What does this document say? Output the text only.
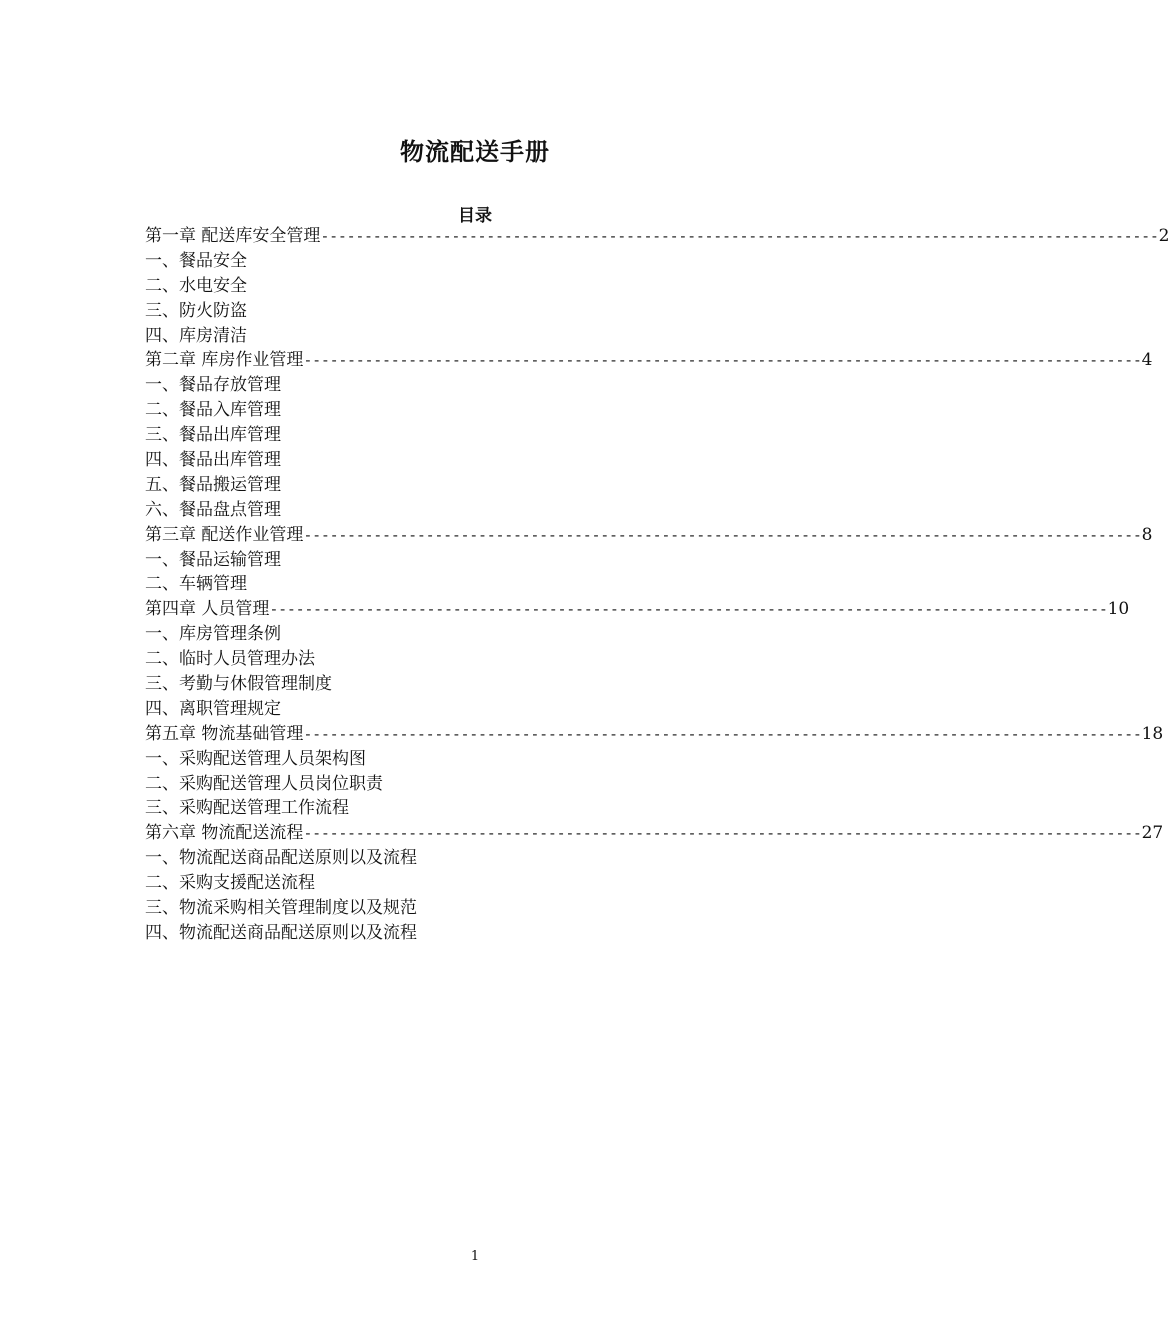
物流配送手册
目录
第一章 配送库安全管理 ------------------------------------------------------------------------------------------------ 2
一、餐品安全
二、水电安全
三、防火防盗
四、库房清洁
第二章 库房作业管理 ------------------------------------------------------------------------------------------------ 4
一、餐品存放管理
二、餐品入库管理
三、餐品出库管理
四、餐品出库管理
五、餐品搬运管理
六、餐品盘点管理
第三章 配送作业管理 ------------------------------------------------------------------------------------------------ 8
一、餐品运输管理
二、车辆管理
第四章 人员管理 ------------------------------------------------------------------------------------------------ 10
一、库房管理条例
二、临时人员管理办法
三、考勤与休假管理制度
四、离职管理规定
第五章 物流基础管理 ------------------------------------------------------------------------------------------------ 18
一、采购配送管理人员架构图
二、采购配送管理人员岗位职责
三、采购配送管理工作流程
第六章 物流配送流程 ------------------------------------------------------------------------------------------------ 27
一、物流配送商品配送原则以及流程
二、采购支援配送流程
三、物流采购相关管理制度以及规范
四、物流配送商品配送原则以及流程
1
